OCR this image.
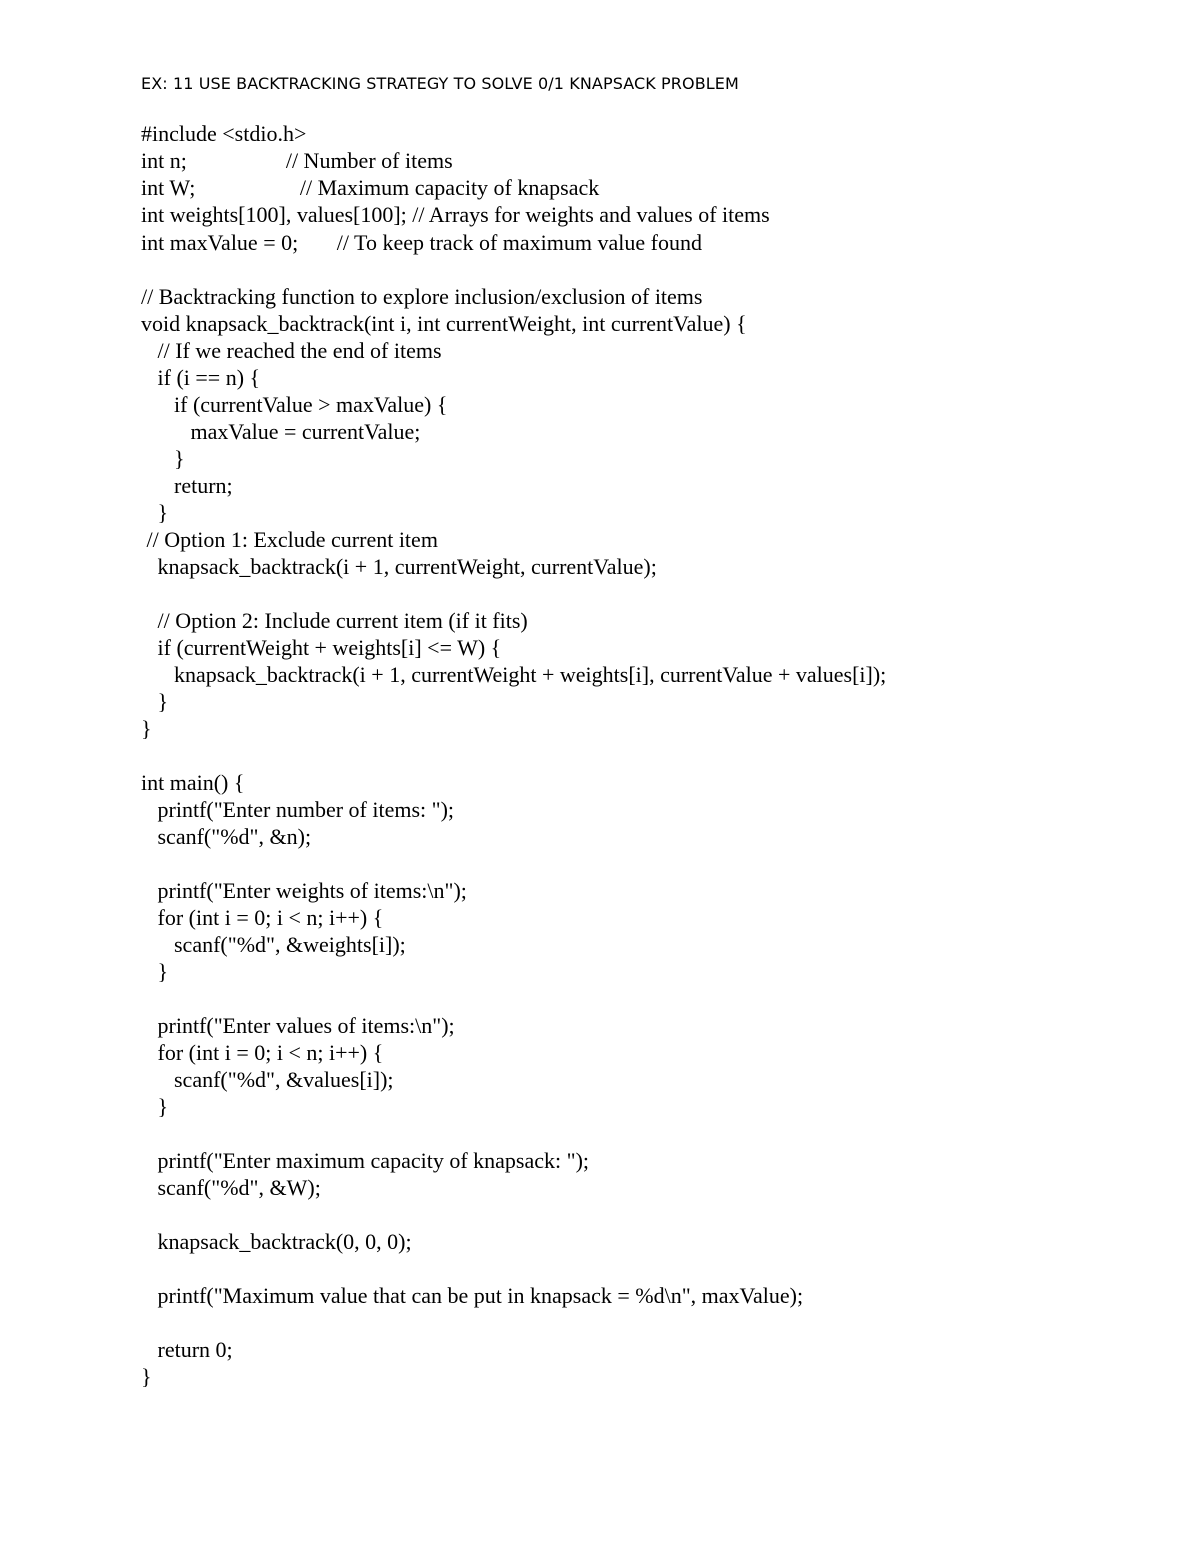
EX: 11 USE BACKTRACKING STRATEGY TO SOLVE 0/1 KNAPSACK PROBLEM
#include <stdio.h>
int n;                  // Number of items
int W;                   // Maximum capacity of knapsack
int weights[100], values[100]; // Arrays for weights and values of items
int maxValue = 0;       // To keep track of maximum value found
// Backtracking function to explore inclusion/exclusion of items
void knapsack_backtrack(int i, int currentWeight, int currentValue) {
// If we reached the end of items
if (i == n) {
if (currentValue > maxValue) {
maxValue = currentValue;
}
return;
}
// Option 1: Exclude current item
knapsack_backtrack(i + 1, currentWeight, currentValue);
// Option 2: Include current item (if it fits)
if (currentWeight + weights[i] <= W) {
knapsack_backtrack(i + 1, currentWeight + weights[i], currentValue + values[i]);
}
}
int main() {
printf("Enter number of items: ");
scanf("%d", &n);
printf("Enter weights of items:\n");
for (int i = 0; i < n; i++) {
scanf("%d", &weights[i]);
}
printf("Enter values of items:\n");
for (int i = 0; i < n; i++) {
scanf("%d", &values[i]);
}
printf("Enter maximum capacity of knapsack: ");
scanf("%d", &W);
knapsack_backtrack(0, 0, 0);
printf("Maximum value that can be put in knapsack = %d\n", maxValue);
return 0;
}
